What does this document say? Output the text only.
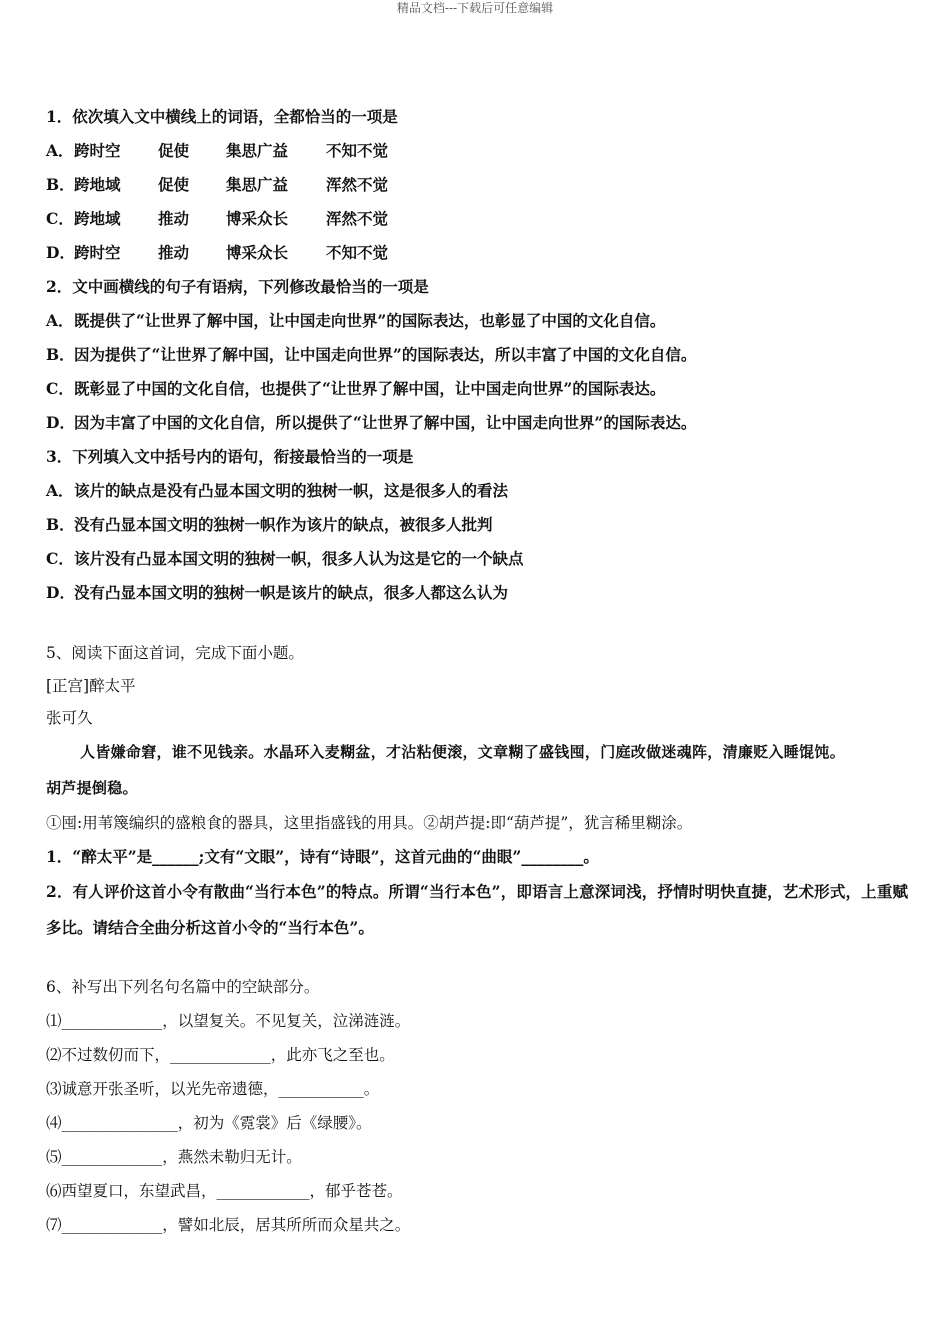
精品文档---下载后可任意编辑
1．依次填入文中横线上的词语，全都恰当的一项是
A．跨时空 促使 集思广益 不知不觉
B．跨地域 促使 集思广益 浑然不觉
C．跨地域 推动 博采众长 浑然不觉
D．跨时空 推动 博采众长 不知不觉
2．文中画横线的句子有语病，下列修改最恰当的一项是
A．既提供了“让世界了解中国，让中国走向世界”的国际表达，也彰显了中国的文化自信。
B．因为提供了“让世界了解中国，让中国走向世界”的国际表达，所以丰富了中国的文化自信。
C．既彰显了中国的文化自信，也提供了“让世界了解中国，让中国走向世界”的国际表达。
D．因为丰富了中国的文化自信，所以提供了“让世界了解中国，让中国走向世界”的国际表达。
3．下列填入文中括号内的语句，衔接最恰当的一项是
A．该片的缺点是没有凸显本国文明的独树一帜，这是很多人的看法
B．没有凸显本国文明的独树一帜作为该片的缺点，被很多人批判
C．该片没有凸显本国文明的独树一帜，很多人认为这是它的一个缺点
D．没有凸显本国文明的独树一帜是该片的缺点，很多人都这么认为
5、阅读下面这首词，完成下面小题。
[正宫]醉太平
张可久
人皆嫌命窘，谁不见钱亲。水晶环入麦糊盆，才沾粘便滚，文章糊了盛钱囤，门庭改做迷魂阵，清廉贬入睡馄饨。
胡芦提倒稳。
①囤:用苇篾编织的盛粮食的器具，这里指盛钱的用具。②胡芦提:即“葫芦提”，犹言稀里糊涂。
1．“醉太平”是______;文有“文眼”，诗有“诗眼”，这首元曲的“曲眼”________。
2．有人评价这首小令有散曲“当行本色”的特点。所谓“当行本色”，即语言上意深词浅，抒情时明快直捷，艺术形式，上重赋多比。请结合全曲分析这首小令的“当行本色”。
6、补写出下列名句名篇中的空缺部分。
⑴_____________，以望复关。不见复关，泣涕涟涟。
⑵不过数仞而下，_____________，此亦飞之至也。
⑶诚意开张圣听，以光先帝遗德，___________。
⑷_______________，初为《霓裳》后《绿腰》。
⑸_____________，燕然未勒归无计。
⑹西望夏口，东望武昌，____________，郁乎苍苍。
⑺_____________，譬如北辰，居其所所而众星共之。
